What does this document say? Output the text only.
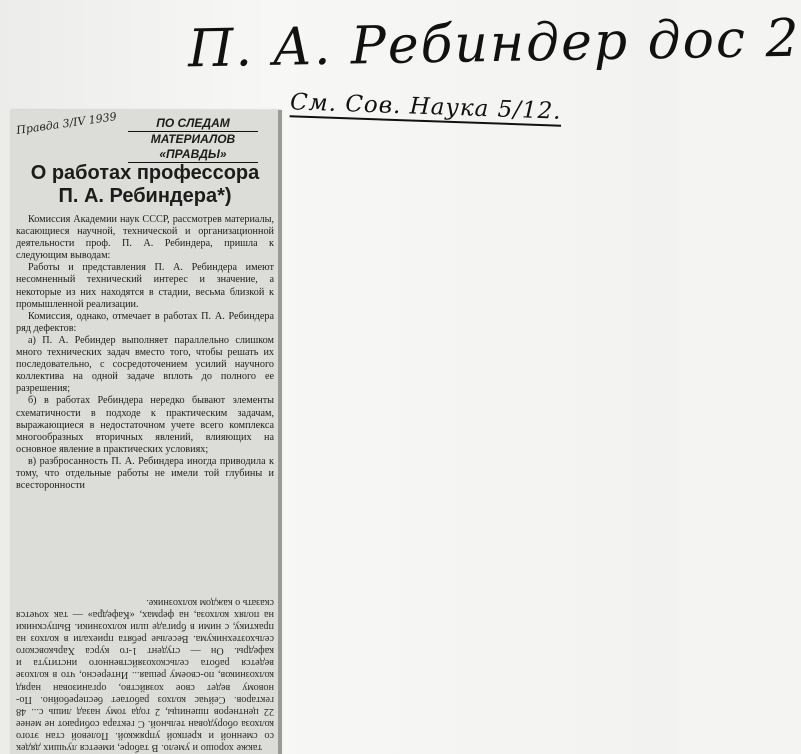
П. А. Ребиндер дос 2
См. Сов. Наука 5/12.
Правда 3/IV 1939	ПО СЛЕДАМ
МАТЕРИАЛОВ «ПРАВДЫ»
О работах профессора
П. А. Ребиндера*)

Комиссия Академии наук СССР, рассмотрев материалы, касающиеся научной, технической и организационной деятельности проф. П. А. Ребиндера, пришла к следующим выводам:

Работы и представления П. А. Ребиндера имеют несомненный технический интерес и значение, а некоторые из них находятся в стадии, весьма близкой к промышленной реализации.

Комиссия, однако, отмечает в работах П. А. Ребиндера ряд дефектов:

а) П. А. Ребиндер выполняет параллельно слишком много технических задач вместо того, чтобы решать их последовательно, с сосредоточением усилий научного коллектива на одной задаче вплоть до полного ее разрешения;

б) в работах Ребиндера нередко бывают элементы схематичности в подходе к практическим задачам, выражающиеся в недостаточном учете всего комплекса многообразных вторичных явлений, влияющих на основное явление в практических условиях;

в) разбросанность П. А. Ребиндера иногда приводила к тому, что отдельные работы не имели той глубины и всесторонности

также хорошо и умело. В таборе, имеется лучших дядек со сменной и крепкой упряжкой. Полевой стан этого колхоза оборудован тельной. С гектара собирают не менее 22 центнеров пшеницы, 2 года тому назад лишь с... 48 гектаров. Сейчас колхоз работает бесперебойно. По-новому ведет свое хозяйство, организован наряд колхозников, по-своему решая... Интересно, что в колхозе ведется работа сельскохозяйственного института и кафедры. Он — студент 1-го курса Харьковского сельхозтехникума. Веселые ребята приехали в колхоз на практику, с ними в бригаде шли колхозники. Выпускники на полях колхоза, на фермах, «Кафедра» — так хочется сказать о каждом колхознике.
